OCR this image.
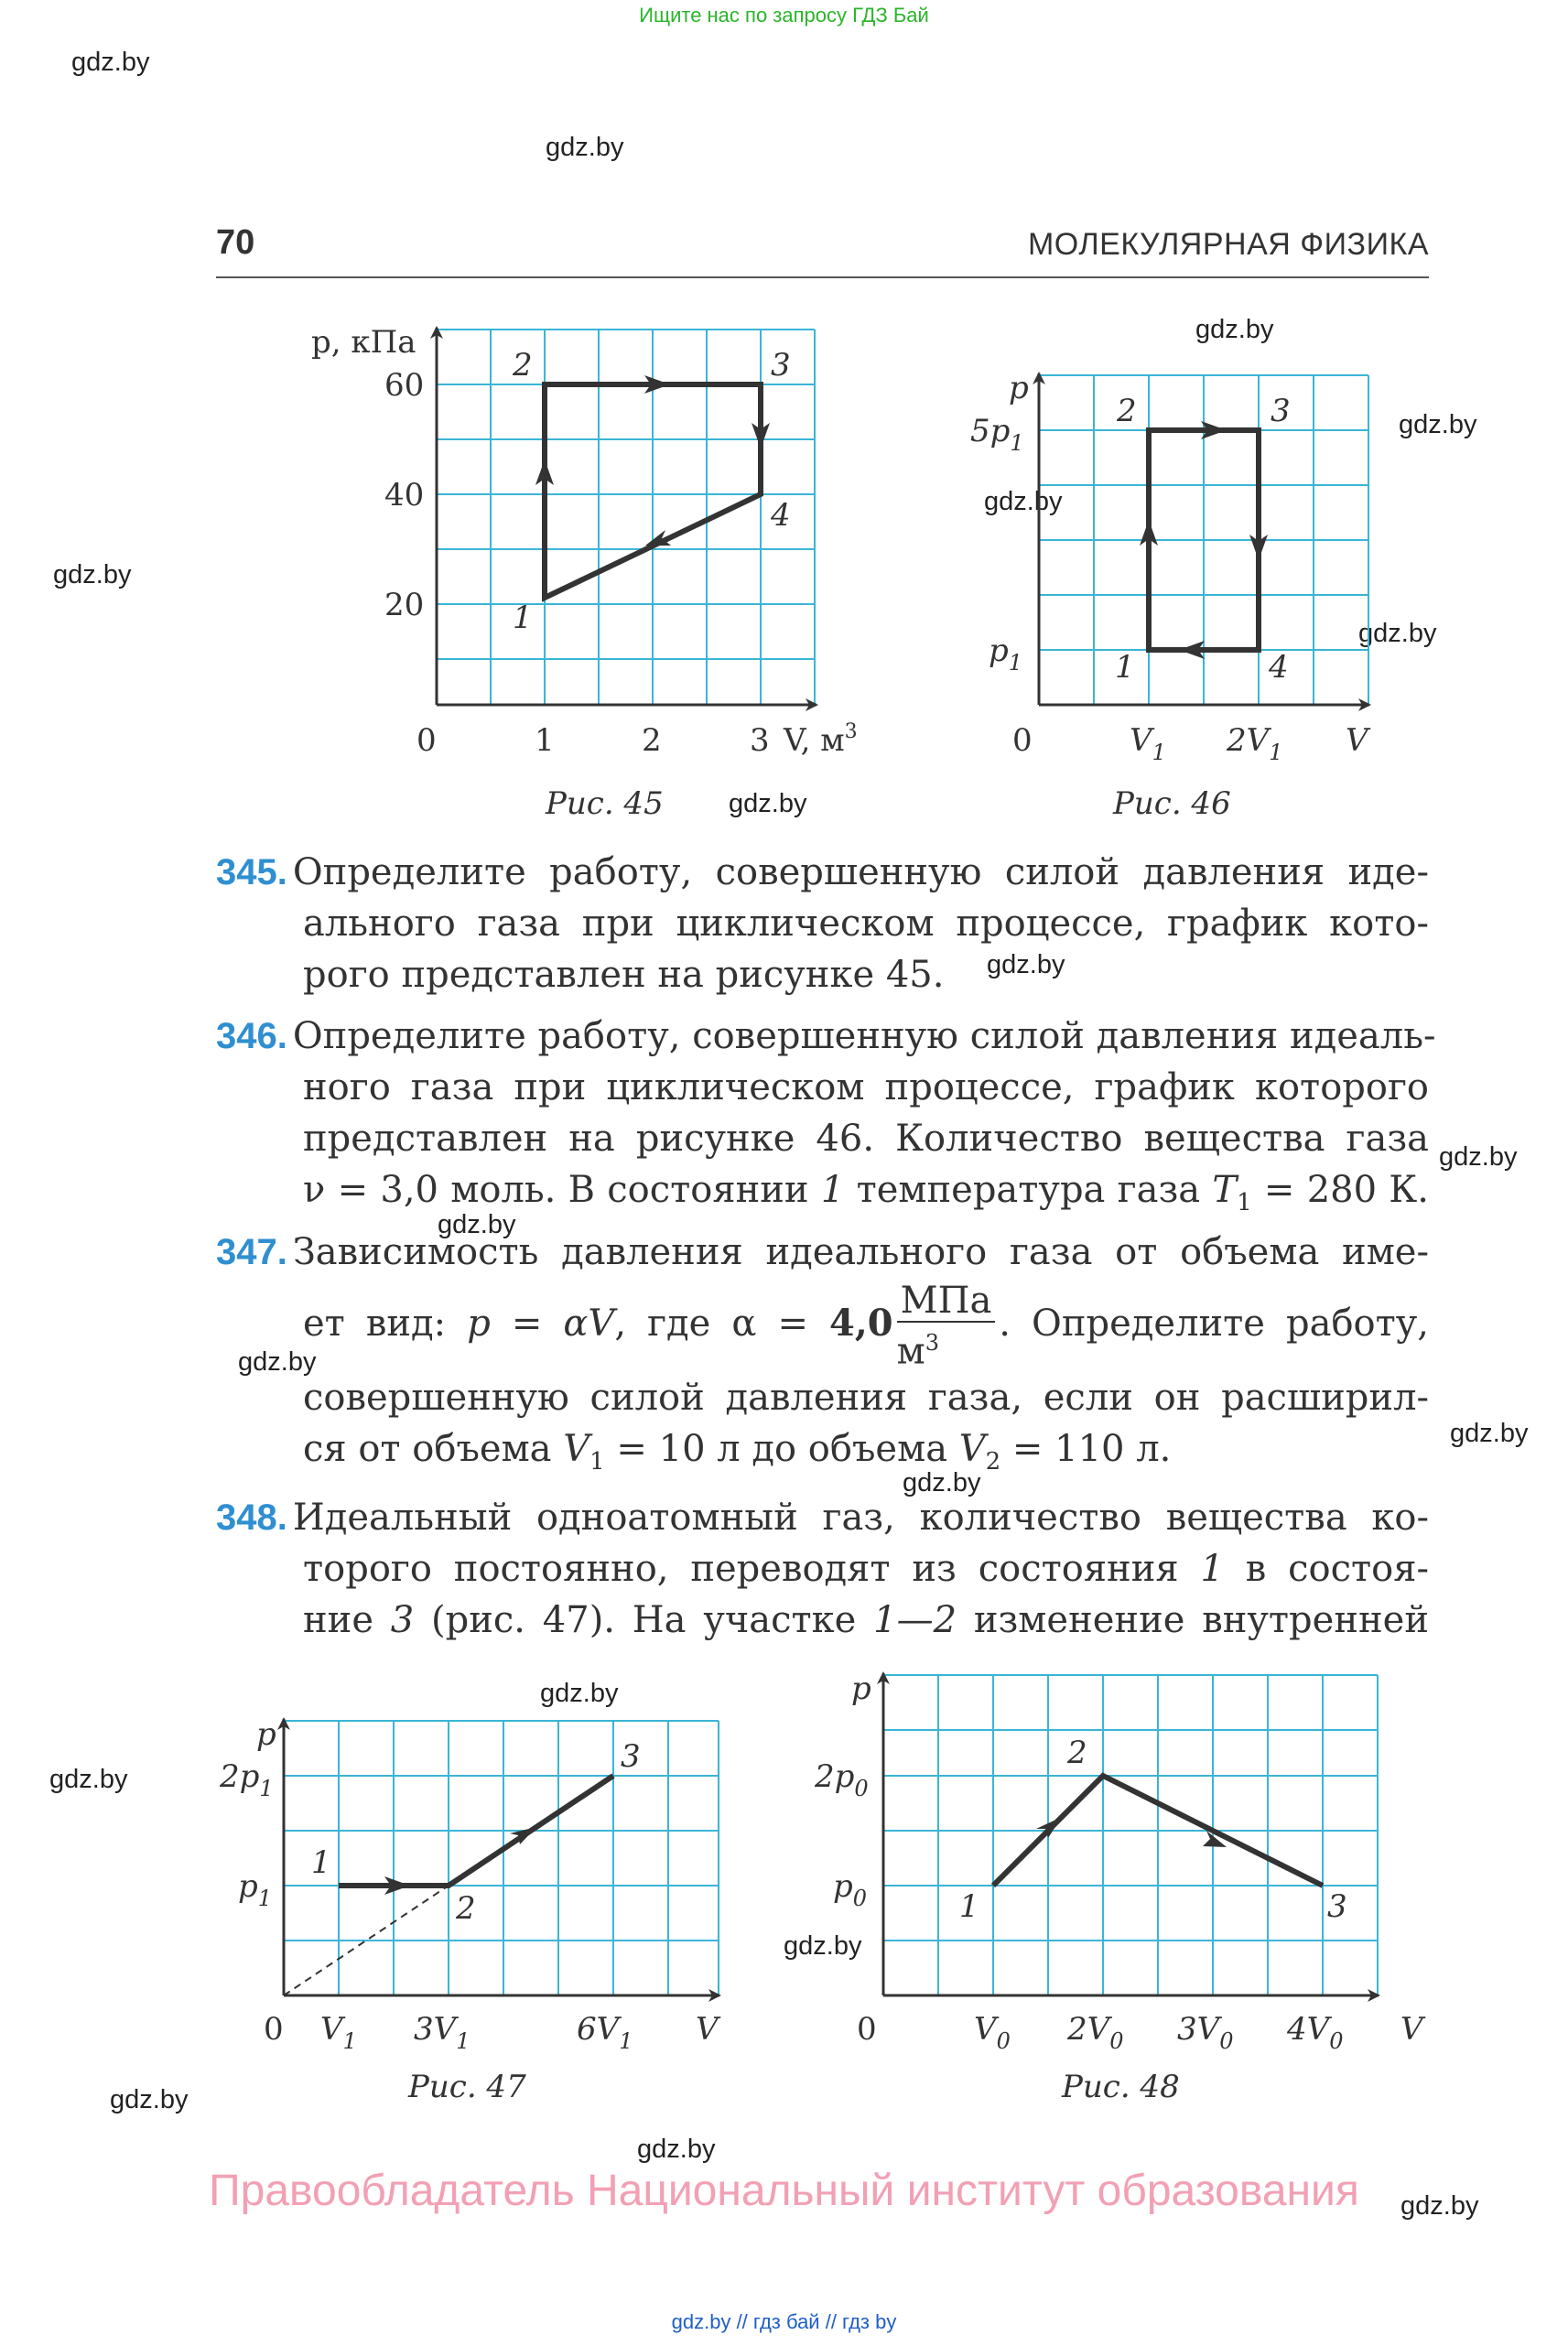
Ищите нас по запросу ГДЗ Бай
70	МОЛЕКУЛЯРНАЯ ФИЗИКА
gdz.by
gdz.by
gdz.by
gdz.by
gdz.by
gdz.by
gdz.by
gdz.by
gdz.by
gdz.by
gdz.by
gdz.by
gdz.by
gdz.by
gdz.by
gdz.by
gdz.by
gdz.by
gdz.by
gdz.by
p, кПа
60
40
20
0	1	2	3 V, $м^3$
2	3
4
1
Рис. 45
p
$5p_1$
$p_1$
0	$V_1$ $2V_1$ V
2	3
1	4
Рис. 46
345. Определите работу, совершенную силой давления иде-
ального газа при циклическом процессе, график кото-
рого представлен на рисунке 45.
346. Определите работу, совершенную силой давления идеаль-
ного газа при циклическом процессе, график которого
представлен на рисунке 46. Количество вещества газа
ν = 3,0 моль. В состоянии 1 температура газа $T_1 = 280$ К.
347. Зависимость давления идеального газа от объема име-
ет вид: p = αV, где α = 4,0
МПа
$м^3$	. Определите работу,
совершенную силой давления газа, если он расширил-
ся от объема $V_1 = 10$ л до объема $V_2 = 110$ л.
348. Идеальный одноатомный газ, количество вещества ко-
торого постоянно, переводят из состояния 1 в состоя-
ние 3 (рис. 47). На участке 1—2 изменение внутренней
p
$2p_1$
$p_1$
0 $V_1$ $3V_1$	$6V_1$ V
1
2
3
Рис. 47
p
$2p_0$
$p_0$
0	$V_0$ $2V_0$ $3V_0$ $4V_0$ V
1
2
3
Рис. 48
Правообладатель Национальный институт образования
gdz.by // гдз бай // гдз by
